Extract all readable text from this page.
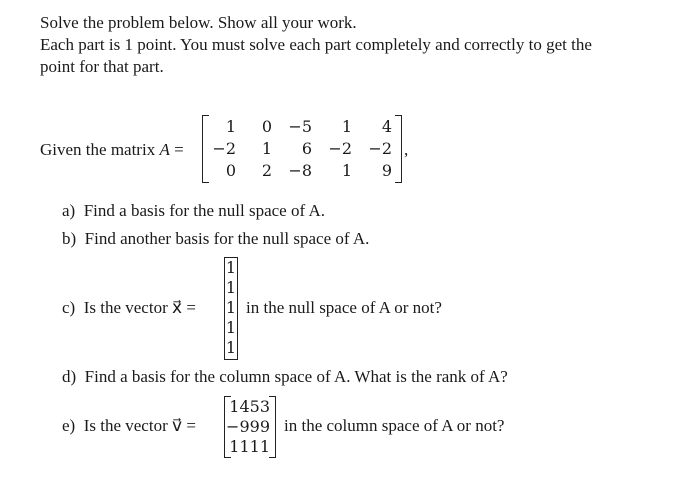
Solve the problem below. Show all your work.
Each part is 1 point. You must solve each part completely and correctly to get the
point for that part.
Given the matrix A =
1	0	−5	1	4
−2	1	6	−2	−2
0	2	−8	1	9
,
a) Find a basis for the null space of A.
b) Find another basis for the null space of A.
c) Is the vector x⃗ =
1
1
1
1
1
in the null space of A or not?
d) Find a basis for the column space of A. What is the rank of A?
e) Is the vector v⃗ =
1453
−999
1111
in the column space of A or not?
